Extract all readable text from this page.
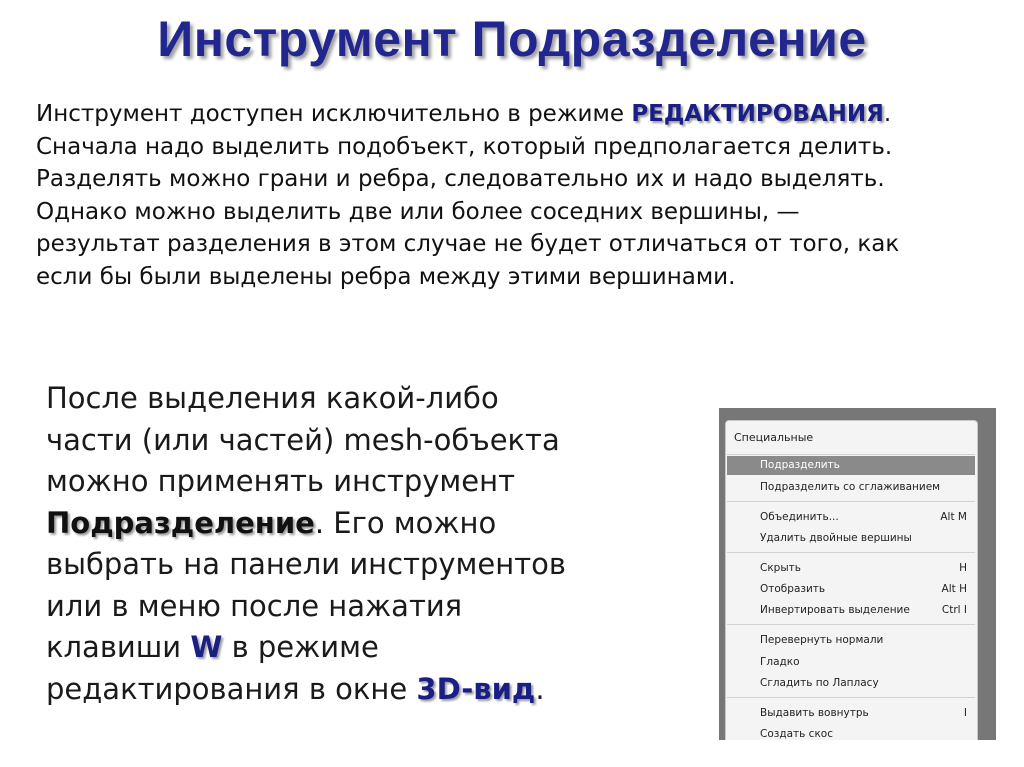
Инструмент Подразделение
Инструмент доступен исключительно в режиме РЕДАКТИРОВАНИЯ.
Сначала надо выделить подобъект, который предполагается делить.
Разделять можно грани и ребра, следовательно их и надо выделять.
Однако можно выделить две или более соседних вершины, —
результат разделения в этом случае не будет отличаться от того, как
если бы были выделены ребра между этими вершинами.
После выделения какой-либо
части (или частей) mesh-объекта
можно применять инструмент
Подразделение. Его можно
выбрать на панели инструментов
или в меню после нажатия
клавиши W в режиме
редактирования в окне 3D-вид.
Специальные
Подразделить
Подразделить со сглаживанием
Объединить...	Alt M
Удалить двойные вершины
Скрыть	H
Отобразить	Alt H
Инвертировать выделение	Ctrl I
Перевернуть нормали
Гладко
Сгладить по Лапласу
Выдавить вовнутрь	I
Создать скос
